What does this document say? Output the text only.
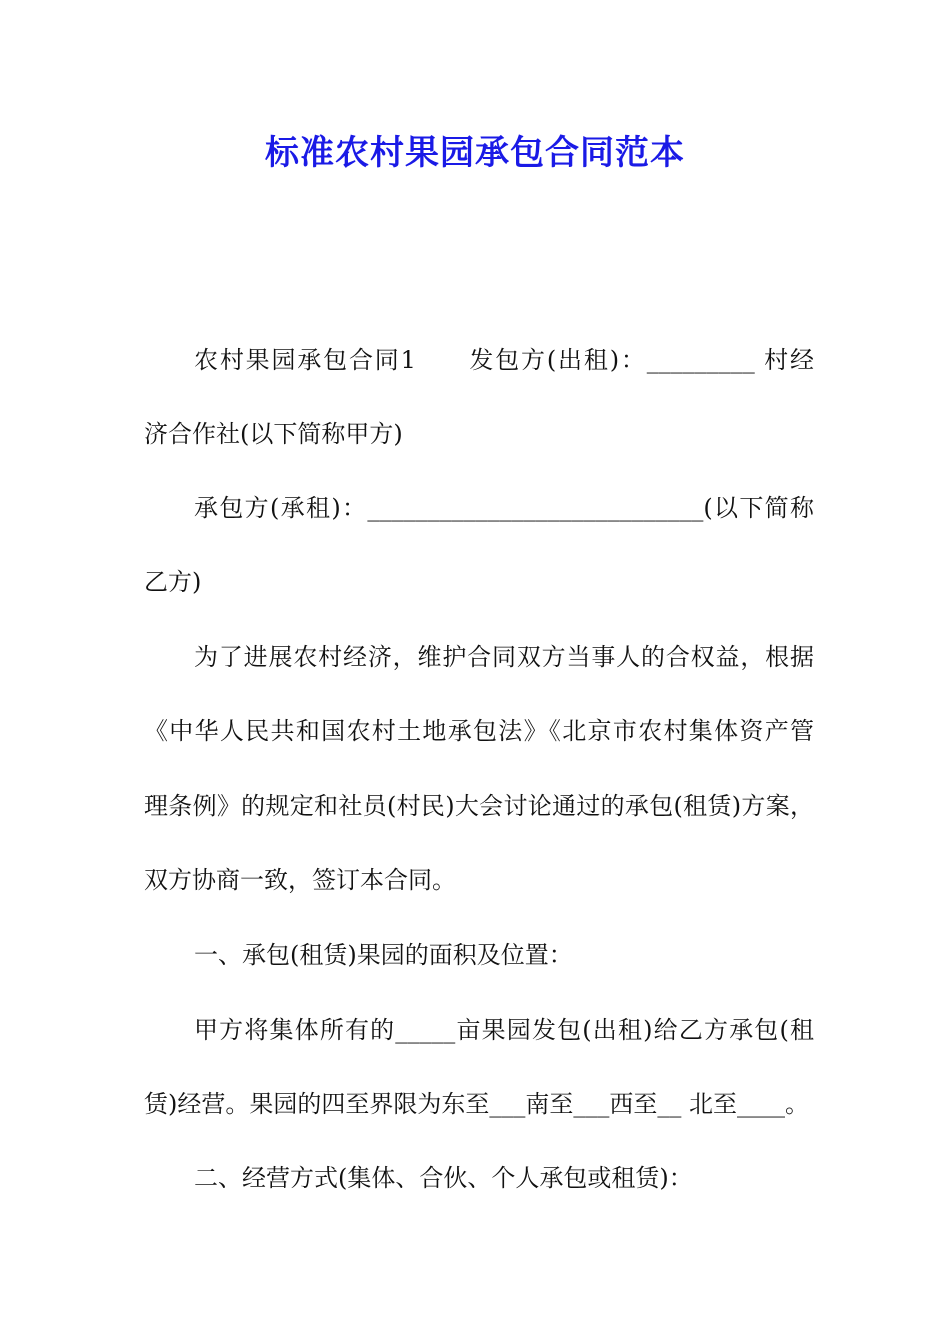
标准农村果园承包合同范本

农村果园承包合同1　　发包方(出租)：_________ 村经

济合作社(以下简称甲方)

承包方(承租)：____________________________(以下简称

乙方)

为了进展农村经济，维护合同双方当事人的合权益，根据

《中华人民共和国农村土地承包法》《北京市农村集体资产管

理条例》的规定和社员(村民)大会讨论通过的承包(租赁)方案，

双方协商一致，签订本合同。

一、承包(租赁)果园的面积及位置：

甲方将集体所有的_____亩果园发包(出租)给乙方承包(租

赁)经营。果园的四至界限为东至___南至___西至__ 北至____。

二、经营方式(集体、合伙、个人承包或租赁)：
